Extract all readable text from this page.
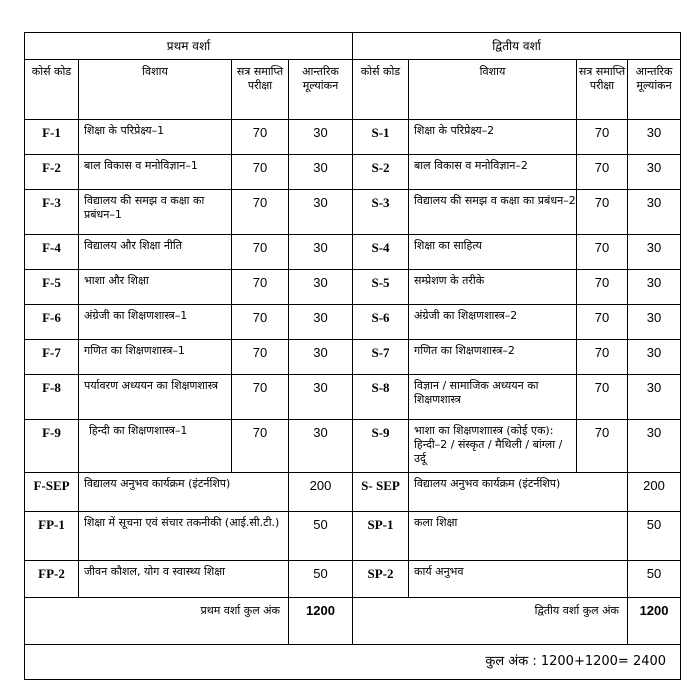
प्रथम वर्शा				द्वितीय वर्शा			
कोर्स कोड	विशाय	सत्र समाप्ति परीक्षा	आन्तरिक मूल्यांकन	कोर्स कोड	विशाय	सत्र समाप्ति परीक्षा	आन्तरिक मूल्यांकन
F-1	शिक्षा के परिप्रेक्ष्य–1	70	30	S-1	शिक्षा के परिप्रेक्ष्य–2	70	30
F-2	बाल विकास व मनोविज्ञान–1	70	30	S-2	बाल विकास व मनोविज्ञान–2	70	30
F-3	विद्यालय की समझ व कक्षा का प्रबंधन–1	70	30	S-3	विद्यालय की समझ व कक्षा का प्रबंधन–2	70	30
F-4	विद्यालय और शिक्षा नीति	70	30	S-4	शिक्षा का साहित्य	70	30
F-5	भाशा और शिक्षा	70	30	S-5	सम्प्रेशण के तरीके	70	30
F-6	अंग्रेजी का शिक्षणशास्त्र–1	70	30	S-6	अंग्रेजी का शिक्षणशास्त्र–2	70	30
F-7	गणित का शिक्षणशास्त्र–1	70	30	S-7	गणित का शिक्षणशास्त्र–2	70	30
F-8	पर्यावरण अध्ययन का शिक्षणशास्त्र	70	30	S-8	विज्ञान / सामाजिक अध्ययन का शिक्षणशास्त्र	70	30
F-9	हिन्दी का शिक्षणशास्त्र–1	70	30	S-9	भाशा का शिक्षणशाास्त्र (कोई एक): हिन्दी–2 / संस्कृत / मैथिली / बांग्ला / उर्दू	70	30
F-SEP	विद्यालय अनुभव कार्यक्रम (इंटर्नशिप)		200	S- SEP	विद्यालय अनुभव कार्यक्रम (इंटर्नशिप)		200
FP-1	शिक्षा में सूचना एवं संचार तकनीकी (आई.सी.टी.)		50	SP-1	कला शिक्षा		50
FP-2	जीवन कौशल, योग व स्वास्थ्य शिक्षा		50	SP-2	कार्य अनुभव		50
प्रथम वर्शा कुल अंक			1200	द्वितीय वर्शा कुल अंक			1200
कुल अंक : 1200+1200= 2400							
